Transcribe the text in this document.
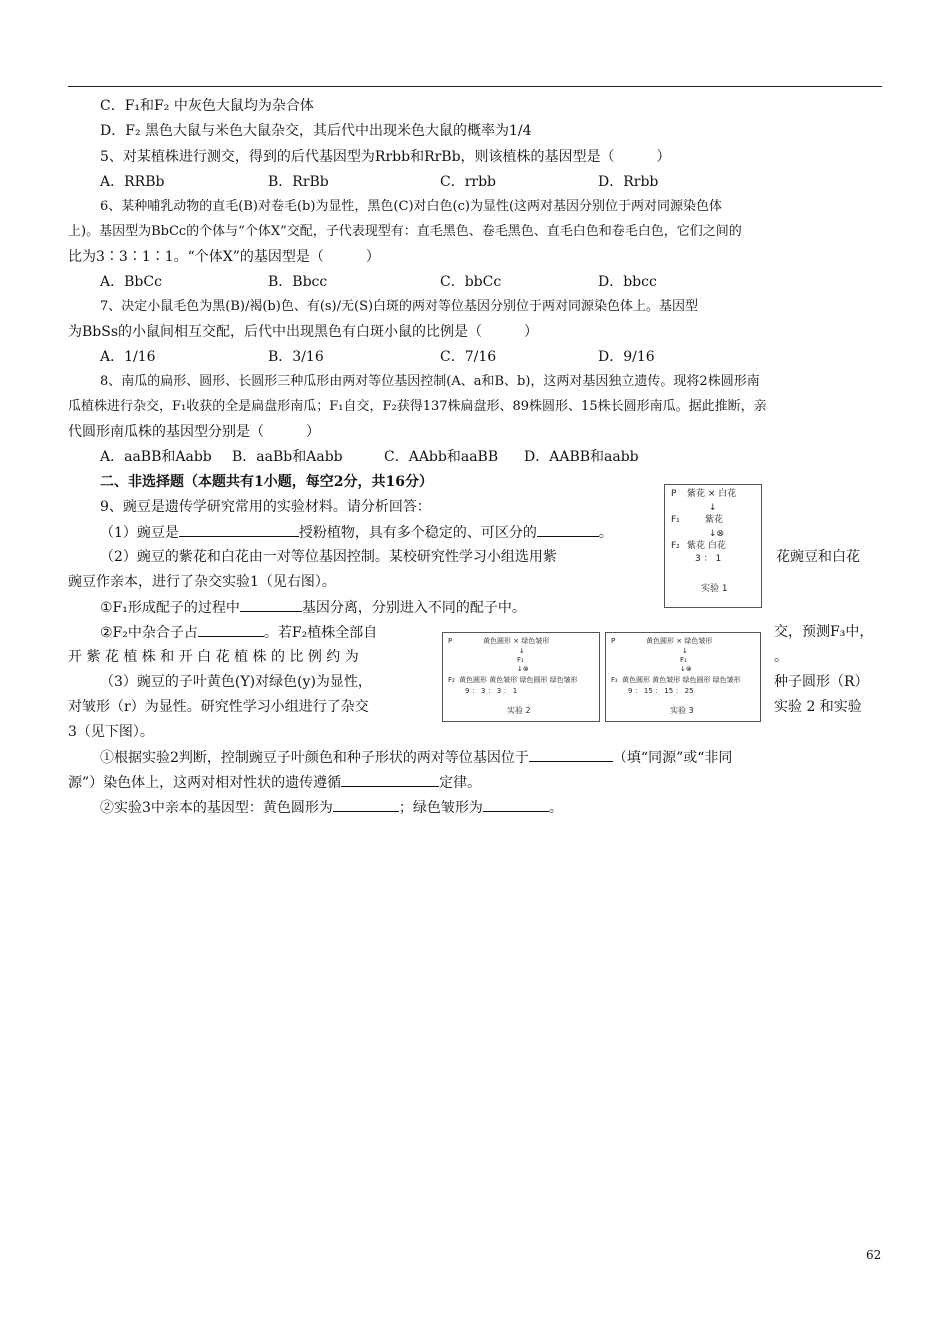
C．F₁和F₂ 中灰色大鼠均为杂合体
D．F₂ 黑色大鼠与米色大鼠杂交，其后代中出现米色大鼠的概率为1/4
5、对某植株进行测交，得到的后代基因型为Rrbb和RrBb，则该植株的基因型是（　　　）
A．RRBb	B．RrBb	C．rrbb	D．Rrbb
6、某种哺乳动物的直毛(B)对卷毛(b)为显性，黑色(C)对白色(c)为显性(这两对基因分别位于两对同源染色体
上)。基因型为BbCc的个体与“个体X”交配，子代表现型有：直毛黑色、卷毛黑色、直毛白色和卷毛白色，它们之间的
比为3∶3∶1∶1。“个体X”的基因型是（　　　）
A．BbCc	B．Bbcc	C．bbCc	D．bbcc
7、决定小鼠毛色为黑(B)/褐(b)色、有(s)/无(S)白斑的两对等位基因分别位于两对同源染色体上。基因型
为BbSs的小鼠间相互交配，后代中出现黑色有白斑小鼠的比例是（　　　）
A．1/16	B．3/16	C．7/16	D．9/16
8、南瓜的扁形、圆形、长圆形三种瓜形由两对等位基因控制(A、a和B、b)，这两对基因独立遗传。现将2株圆形南
瓜植株进行杂交，F₁收获的全是扁盘形南瓜；F₁自交，F₂获得137株扁盘形、89株圆形、15株长圆形南瓜。据此推断，亲
代圆形南瓜株的基因型分别是（　　　）
A．aaBB和Aabb B．aaBb和Aabb	C．AAbb和aaBB D．AABB和aabb
二、非选择题（本题共有1小题，每空2分，共16分）
9、豌豆是遗传学研究常用的实验材料。请分析回答：
（1）豌豆是	授粉植物，具有多个稳定的、可区分的	。
（2）豌豆的紫花和白花由一对等位基因控制。某校研究性学习小组选用紫	花豌豆和白花
豌豆作亲本，进行了杂交实验1（见右图）。
①F₁形成配子的过程中	基因分离，分别进入不同的配子中。
②F₂中杂合子占	。若F₂植株全部自	交，预测F₃中，
开 紫 花 植 株 和 开 白 花 植 株 的 比 例 约 为	。
（3）豌豆的子叶黄色(Y)对绿色(y)为显性，	种子圆形（R）
对皱形（r）为显性。研究性学习小组进行了杂交	实验 2 和实验
3（见下图）。
①根据实验2判断，控制豌豆子叶颜色和种子形状的两对等位基因位于	（填“同源”或“非同
源”）染色体上，这两对相对性状的遗传遵循	定律。
②实验3中亲本的基因型：黄色圆形为	；绿色皱形为	。
P 紫花 × 白花
↓
F₁	紫花
↓⊗
F₂ 紫花 白花
3 ： 1
实验 1
P	黄色圆形 × 绿色皱形
↓
F₁
↓⊗
F₂ 黄色圆形 黄色皱形 绿色圆形 绿色皱形
9 ： 3 ： 3 ： 1
实验 2
P	黄色圆形 × 绿色皱形
↓
F₁
↓⊗
F₂ 黄色圆形 黄色皱形 绿色圆形 绿色皱形
9 ： 15 ： 15 ： 25
实验 3
62
